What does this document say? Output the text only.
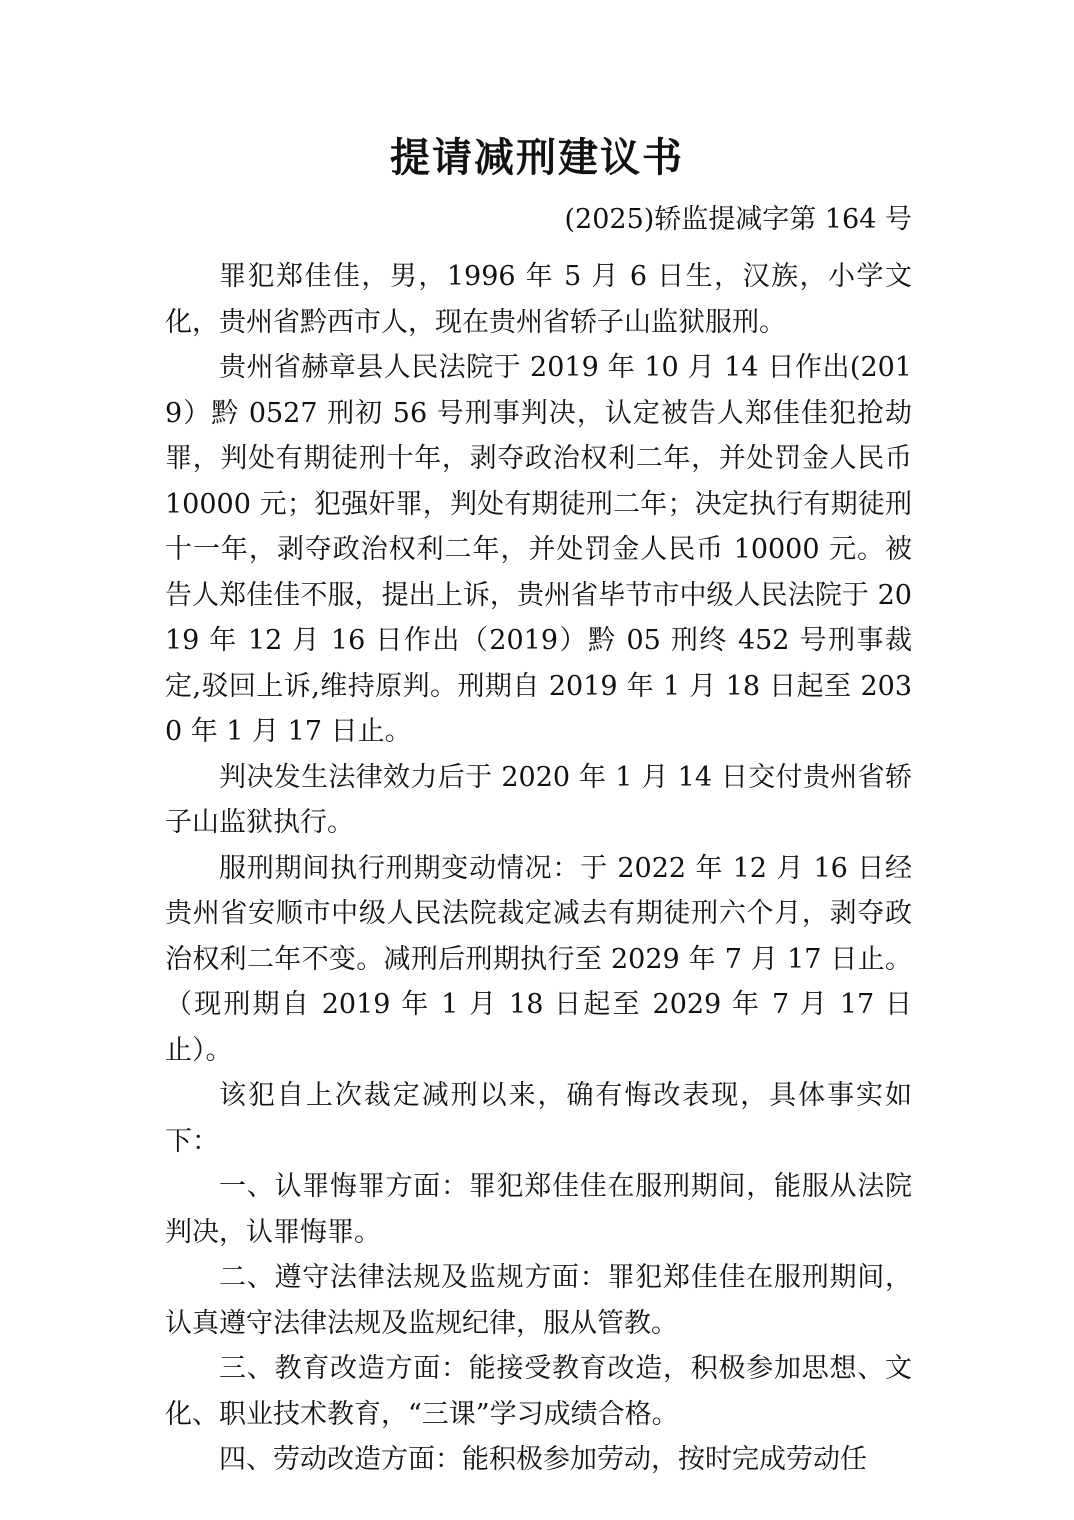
提请减刑建议书
(2025)轿监提减字第 164 号

罪犯郑佳佳，男，1996 年 5 月 6 日生，汉族，小学文化，贵州省黔西市人，现在贵州省轿子山监狱服刑。

贵州省赫章县人民法院于 2019 年 10 月 14 日作出(2019）黔 0527 刑初 56 号刑事判决，认定被告人郑佳佳犯抢劫罪，判处有期徒刑十年，剥夺政治权利二年，并处罚金人民币 10000 元；犯强奸罪，判处有期徒刑二年；决定执行有期徒刑十一年，剥夺政治权利二年，并处罚金人民币 10000 元。被告人郑佳佳不服，提出上诉，贵州省毕节市中级人民法院于 2019 年 12 月 16 日作出（2019）黔 05 刑终 452 号刑事裁定,驳回上诉,维持原判。刑期自 2019 年 1 月 18 日起至 2030 年 1 月 17 日止。

判决发生法律效力后于 2020 年 1 月 14 日交付贵州省轿子山监狱执行。

服刑期间执行刑期变动情况：于 2022 年 12 月 16 日经贵州省安顺市中级人民法院裁定减去有期徒刑六个月，剥夺政治权利二年不变。减刑后刑期执行至 2029 年 7 月 17 日止。（现刑期自 2019 年 1 月 18 日起至 2029 年 7 月 17 日止）。

该犯自上次裁定减刑以来，确有悔改表现，具体事实如下：

一、认罪悔罪方面：罪犯郑佳佳在服刑期间，能服从法院判决，认罪悔罪。

二、遵守法律法规及监规方面：罪犯郑佳佳在服刑期间，认真遵守法律法规及监规纪律，服从管教。

三、教育改造方面：能接受教育改造，积极参加思想、文化、职业技术教育，“三课”学习成绩合格。

四、劳动改造方面：能积极参加劳动，按时完成劳动任
